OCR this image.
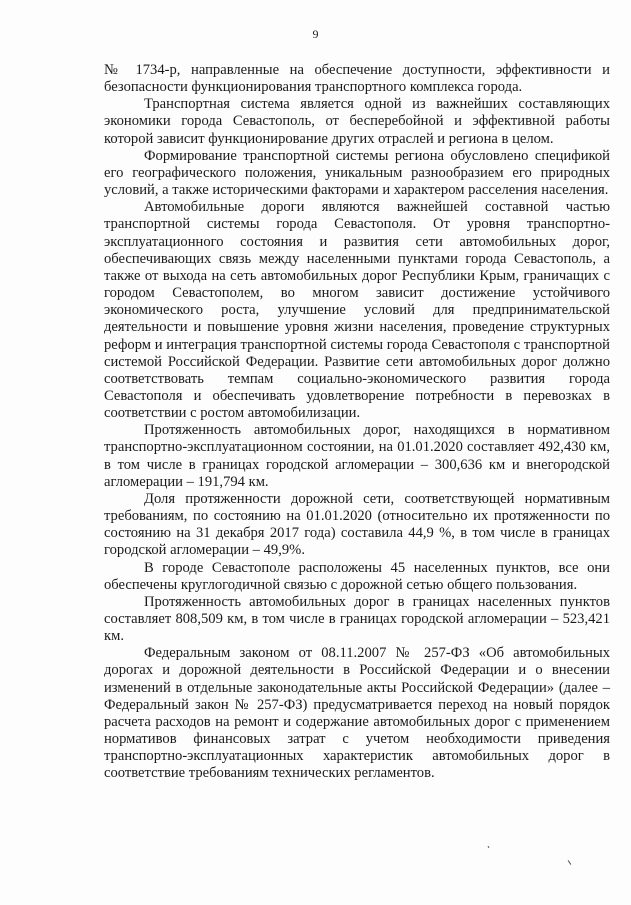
9

№ 1734-р, направленные на обеспечение доступности, эффективности и безопасности функционирования транспортного комплекса города.

Транспортная система является одной из важнейших составляющих экономики города Севастополь, от бесперебойной и эффективной работы которой зависит функционирование других отраслей и региона в целом.

Формирование транспортной системы региона обусловлено спецификой его географического положения, уникальным разнообразием его природных условий, а также историческими факторами и характером расселения населения.

Автомобильные дороги являются важнейшей составной частью транспортной системы города Севастополя. От уровня транспортно-эксплуатационного состояния и развития сети автомобильных дорог, обеспечивающих связь между населенными пунктами города Севастополь, а также от выхода на сеть автомобильных дорог Республики Крым, граничащих с городом Севастополем, во многом зависит достижение устойчивого экономического роста, улучшение условий для предпринимательской деятельности и повышение уровня жизни населения, проведение структурных реформ и интеграция транспортной системы города Севастополя с транспортной системой Российской Федерации. Развитие сети автомобильных дорог должно соответствовать темпам социально-экономического развития города Севастополя и обеспечивать удовлетворение потребности в перевозках в соответствии с ростом автомобилизации.

Протяженность автомобильных дорог, находящихся в нормативном транспортно-эксплуатационном состоянии, на 01.01.2020 составляет 492,430 км, в том числе в границах городской агломерации – 300,636 км и внегородской агломерации – 191,794 км.

Доля протяженности дорожной сети, соответствующей нормативным требованиям, по состоянию на 01.01.2020 (относительно их протяженности по состоянию на 31 декабря 2017 года) составила 44,9 %, в том числе в границах городской агломерации – 49,9%.

В городе Севастополе расположены 45 населенных пунктов, все они обеспечены круглогодичной связью с дорожной сетью общего пользования.

Протяженность автомобильных дорог в границах населенных пунктов составляет 808,509 км, в том числе в границах городской агломерации – 523,421 км.

Федеральным законом от 08.11.2007 № 257-ФЗ «Об автомобильных дорогах и дорожной деятельности в Российской Федерации и о внесении изменений в отдельные законодательные акты Российской Федерации» (далее – Федеральный закон № 257-ФЗ) предусматривается переход на новый порядок расчета расходов на ремонт и содержание автомобильных дорог с применением нормативов финансовых затрат с учетом необходимости приведения транспортно-эксплуатационных характеристик автомобильных дорог в соответствие требованиям технических регламентов.
